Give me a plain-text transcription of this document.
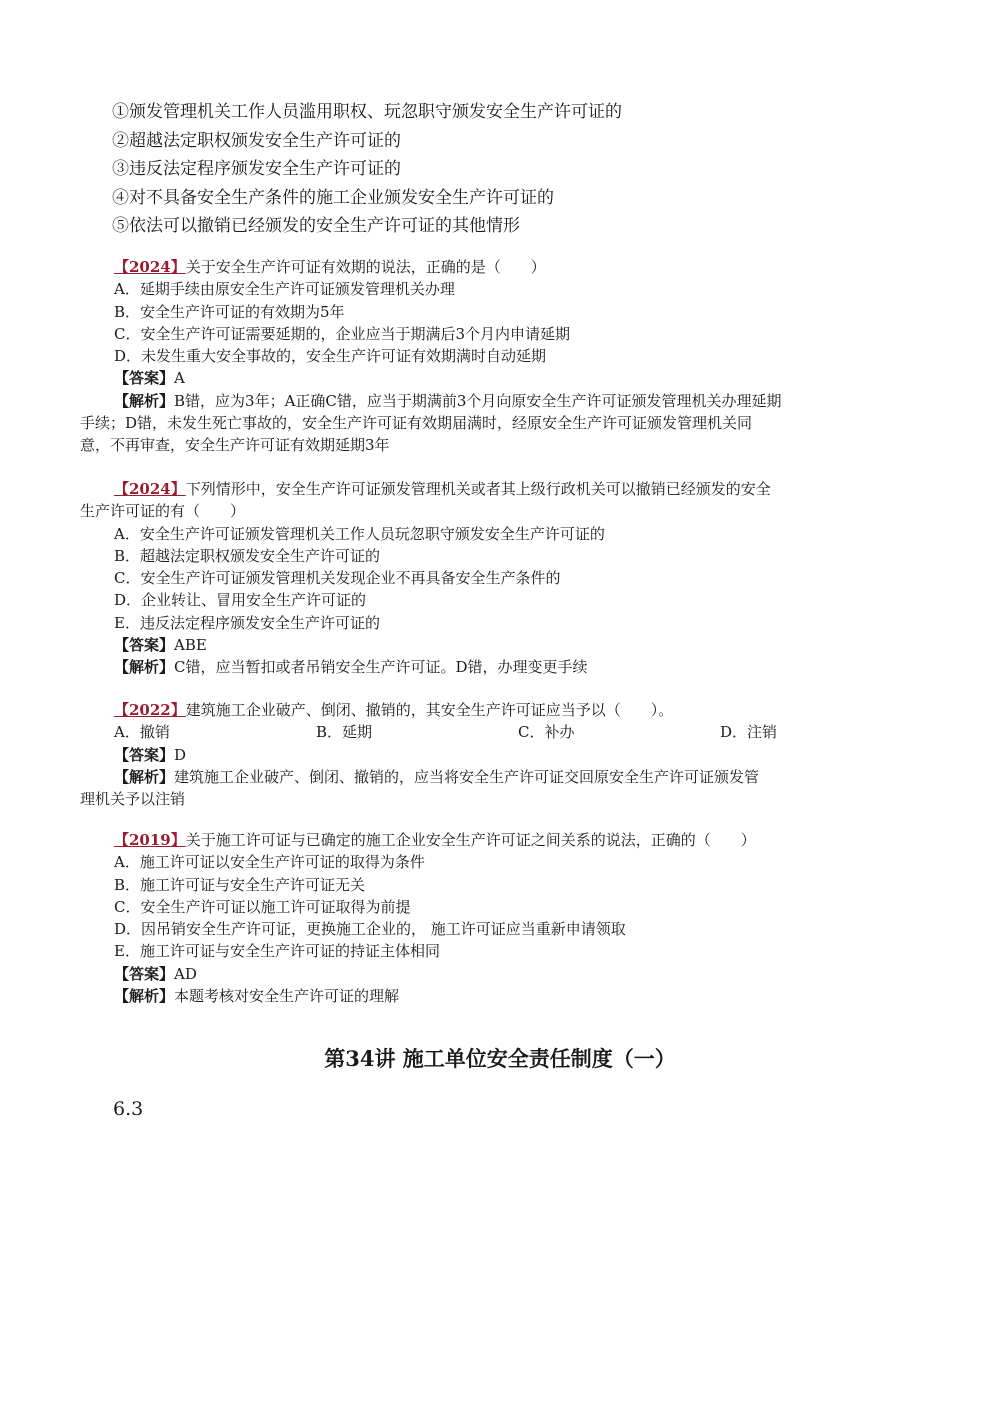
①颁发管理机关工作人员滥用职权、玩忽职守颁发安全生产许可证的
②超越法定职权颁发安全生产许可证的
③违反法定程序颁发安全生产许可证的
④对不具备安全生产条件的施工企业颁发安全生产许可证的
⑤依法可以撤销已经颁发的安全生产许可证的其他情形
【2024】关于安全生产许可证有效期的说法，正确的是（　　）
A．延期手续由原安全生产许可证颁发管理机关办理
B．安全生产许可证的有效期为5年
C．安全生产许可证需要延期的，企业应当于期满后3个月内申请延期
D．未发生重大安全事故的，安全生产许可证有效期满时自动延期
【答案】A
【解析】B错，应为3年；A正确C错，应当于期满前3个月向原安全生产许可证颁发管理机关办理延期
手续；D错，未发生死亡事故的，安全生产许可证有效期届满时，经原安全生产许可证颁发管理机关同
意，不再审查，安全生产许可证有效期延期3年
【2024】下列情形中，安全生产许可证颁发管理机关或者其上级行政机关可以撤销已经颁发的安全
生产许可证的有（　　）
A．安全生产许可证颁发管理机关工作人员玩忽职守颁发安全生产许可证的
B．超越法定职权颁发安全生产许可证的
C．安全生产许可证颁发管理机关发现企业不再具备安全生产条件的
D．企业转让、冒用安全生产许可证的
E．违反法定程序颁发安全生产许可证的
【答案】ABE
【解析】C错，应当暂扣或者吊销安全生产许可证。D错，办理变更手续
【2022】建筑施工企业破产、倒闭、撤销的，其安全生产许可证应当予以（　　）。
A．撤销	B．延期	C．补办	D．注销
【答案】D
【解析】建筑施工企业破产、倒闭、撤销的，应当将安全生产许可证交回原安全生产许可证颁发管
理机关予以注销
【2019】关于施工许可证与已确定的施工企业安全生产许可证之间关系的说法，正确的（　　）
A．施工许可证以安全生产许可证的取得为条件
B．施工许可证与安全生产许可证无关
C．安全生产许可证以施工许可证取得为前提
D．因吊销安全生产许可证，更换施工企业的， 施工许可证应当重新申请领取
E．施工许可证与安全生产许可证的持证主体相同
【答案】AD
【解析】本题考核对安全生产许可证的理解
第34讲 施工单位安全责任制度（一）
6.3
